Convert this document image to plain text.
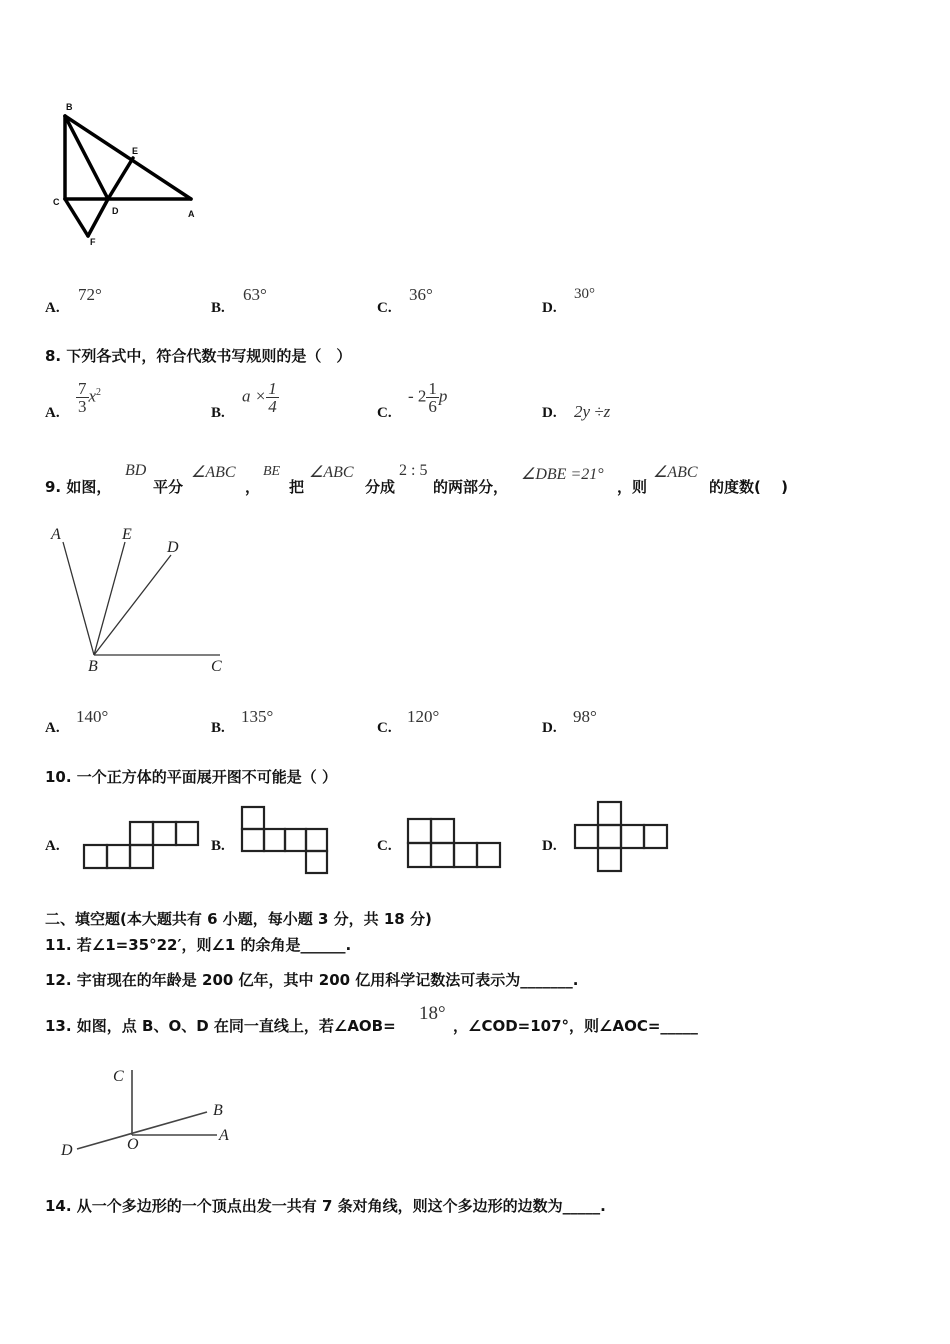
B
E
C
D	A
F
A.
72°
B.
63°
C.
36°
D.
30°
8. 下列各式中，符合代数书写规则的是（　）
A. $\frac{7}{3} x^2$
B.
$a \times \frac{1}{4}$	C.
- $2 \frac{1}{6}$ p
D. 2y ÷z
9. 如图，
BD
平分
∠ABC
，
BE
把
∠ABC
分成
2 : 5
的两部分，
∠DBE =21°
，则
∠ABC
的度数(　 )
A	E
D
B	C
A.
140°
B.
135°
C.
120°
D.
98°
10. 一个正方体的平面展开图不可能是（ ）
A.	B.	C.	D.
二、填空题(本大题共有 6 小题，每小题 3 分，共 18 分)
11. 若∠1=35°22′，则∠1 的余角是______.
12. 宇宙现在的年龄是 200 亿年，其中 200 亿用科学记数法可表示为_______.
13. 如图，点 B、O、D 在同一直线上，若∠AOB=
18°
，∠COD=107°，则∠AOC=_____
C
B
A
O
D
14. 从一个多边形的一个顶点出发一共有 7 条对角线，则这个多边形的边数为_____.
